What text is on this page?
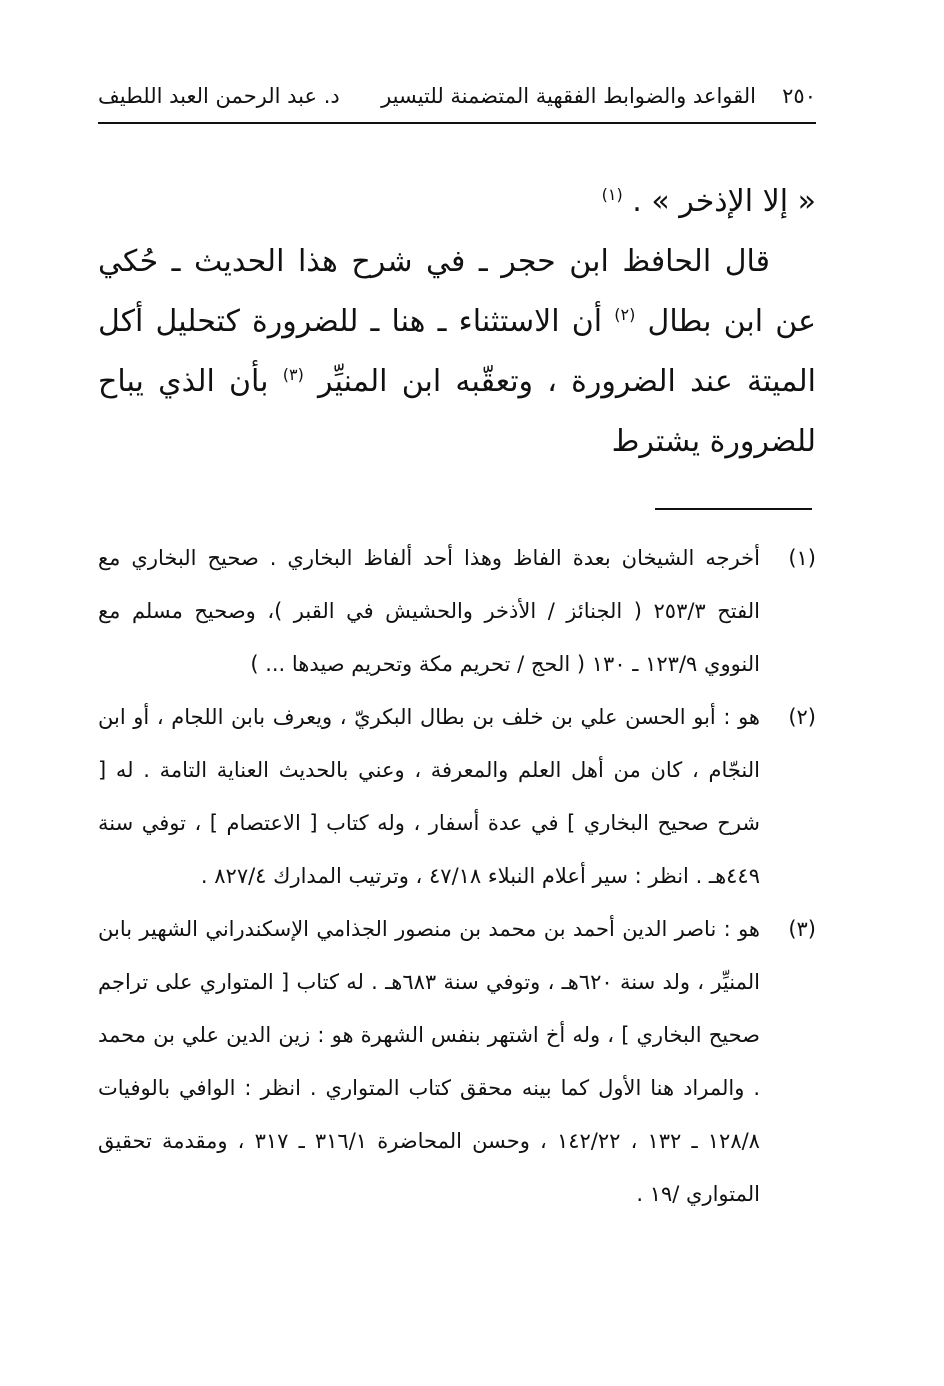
٢٥٠
القواعد والضوابط الفقهية المتضمنة للتيسير
د. عبد الرحمن العبد اللطيف

« إلا الإذخر » . $^{(١)}$

قال الحافظ ابن حجر ـ في شرح هذا الحديث ـ حُكي عن ابن بطال $^{(٢)}$ أن الاستثناء ـ هنا ـ للضرورة كتحليل أكل الميتة عند الضرورة ، وتعقّبه ابن المنيِّر $^{(٣)}$ بأن الذي يباح للضرورة يشترط

(١)
أخرجه الشيخان بعدة الفاظ وهذا أحد ألفاظ البخاري . صحيح البخاري مع الفتح ٢٥٣/٣ ( الجنائز / الأذخر والحشيش في القبر )، وصحيح مسلم مع النووي ١٢٣/٩ ـ ١٣٠ ( الحج / تحريم مكة وتحريم صيدها ... )

(٢)
هو : أبو الحسن علي بن خلف بن بطال البكريّ ، ويعرف بابن اللجام ، أو ابن النجّام ، كان من أهل العلم والمعرفة ، وعني بالحديث العناية التامة . له [ شرح صحيح البخاري ] في عدة أسفار ، وله كتاب [ الاعتصام ] ، توفي سنة ٤٤٩هـ . انظر : سير أعلام النبلاء ٤٧/١٨ ، وترتيب المدارك ٨٢٧/٤ .

(٣)
هو : ناصر الدين أحمد بن محمد بن منصور الجذامي الإسكندراني الشهير بابن المنيِّر ، ولد سنة ٦٢٠هـ ، وتوفي سنة ٦٨٣هـ . له كتاب [ المتواري على تراجم صحيح البخاري ] ، وله أخ اشتهر بنفس الشهرة هو : زين الدين علي بن محمد . والمراد هنا الأول كما بينه محقق كتاب المتواري . انظر : الوافي بالوفيات ١٢٨/٨ ـ ١٣٢ ، ١٤٢/٢٢ ، وحسن المحاضرة ٣١٦/١ ـ ٣١٧ ، ومقدمة تحقيق المتواري /١٩ .
